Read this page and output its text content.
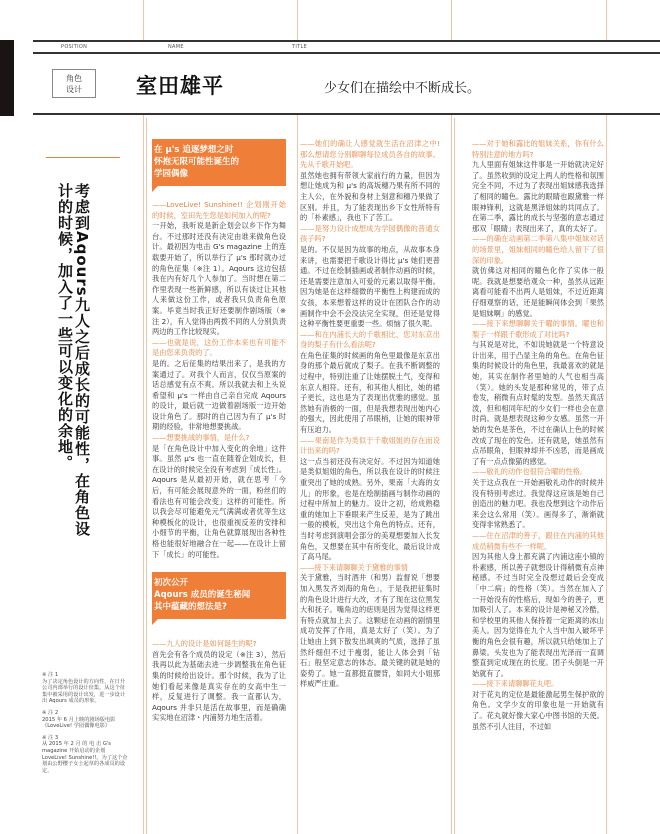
POSITION	NAME	TITLE
角色
设计	室田雄平	少女们在描绘中不断成长。
考虑到Aqours九人之后成长的可能性，在角色设计的时候，加入了一些可以变化的余地。
※ 注 1
为了决定角色设计的方向性，在日升公司内部举行的设计征集。从这个征集中被采用的设计出发，进一步设计出 Aqours 成员的形象。
※ 注 2
2015 年 6 月上映的剧场版电影《LoveLive! 学园偶像电影》
※ 注 3
从 2015 年 2 月 的 电 击 G's magazine 开始启动的企划 LoveLive! Sunshine!!。为了这个企划由公野樱子女士起草的各成员的设定。
在 μ's 追逐梦想之时
怀抱无限可能性诞生的
学园偶像

——LoveLive! Sunshine!! 企划刚开始的时候，室田先生您是如何加入的呢?

一开始，我听说是新企划会以乡下作为舞台。不过那时还没有决定由谁来做角色设计。最初因为电击 G's magazine 上的连载要开始了，所以举行了 μ's 那时就办过的角色征集（※注 1）。Aqours 这边包括我在内有好几个人参加了。当时想在第二作里表现一些新鲜感，所以有谈过让其他人来做这份工作，或者我只负责角色原案。毕竟当时我正好还要制作剧场版（※注 2），有人觉得由两拨不同的人分别负责两边的工作比较现实。

——也就是说，这份工作本来也有可能不是由您来负责的了。

是的。之后征集的结果出来了，是我的方案通过了。对我个人而言，仅仅当原案的话总感觉有点不爽。所以我就去和上头说希望和 μ's 一样由自己亲自完成 Aqours 的设计，最后就一边做着剧场版一边开始设计角色了。那时的自己因为有了 μ's 时期的经验，非常地想要挑战。

——想要挑战的事情，是什么?

是「在角色设计中加入变化的余地」这件事。虽然 μ's 也一直在随着企划成长，但在设计的时候完全没有考虑到「成长性」。Aqours 是从最初开始，就在思考「今后，有可能会展现意外的一面，粉丝们的看法也有可能会改变」这样的可能性。所以我会尽可能避免元气满满或者优等生这种模板化的设计，也很重视反差的安排和小细节的平衡，让角色就算展现出各种性格也能很好地融合在一起——在设计上留下「成长」的可能性。

初次公开
Aqours 成员的诞生秘闻
其中蕴藏的想法是?

——九人的设计是如何诞生的呢?

首先会有各个成员的设定（※注 3），然后我再以此为基础去进一步调整我在角色征集的时候给出设计。那个时候，我为了让她们看起来像是真实存在的女高中生一样，反复进行了调整。我一直都认为，Aqours 并非只是活在故事里，而是确确实实地在沼津・内浦努力地生活着。

——她们的确让人感觉就生活在沼津之中! 那么想请您分别聊聊每位成员各自的故事。先从千歌开始吧。

虽然她也拥有带领大家前行的力量，但因为想让她成为和 μ's 的高坂穗乃果有所不同的主人公，在外貌和身材上刻意和穗乃果做了区别。并且，为了能表现出乡下女性所特有的「朴素感」，我也下了苦工。

——是努力设计成想成为学园偶像的普通女孩子吗?

是的。不仅是因为故事的地点，从故事本身来讲，也需要把千歌设计得比 μ's 她们更普通。不过在绘制插画或者制作动画的时候，还是需要注意加入可爱的元素以取得平衡。因为她是在这样细微的平衡性上构建而成的女孩，本来想着这样的设计在团队合作的动画制作中会不会没法完全实现，但还是觉得这种平衡性要更重要一些。烦恼了很久呢。

——和在内浦长大的千歌相比，您对东京出身的梨子有什么看法呢?

在角色征集的时候画的角色里最像是东京出身的那个最后就成了梨子。在我不断调整的过程中，特别注重了让她摆脱土气，变得和东京人相符。还有，和其他人相比，她的裙子更长，这也是为了表现出优雅的感觉。虽然她有消极的一面，但是我想表现出她内心的强大，因此使用了吊眼梢，让她的眼神带有压迫力。

——果南是作为类似于千歌姐姐的存在而设计出来的吗?

这一点当初还没有决定好。不过因为知道她是类似姐姐的角色，所以我在设计的时候注重突出了她的成熟。另外，果南「大海的女儿」的形象，也是在绘制插画与制作动画的过程中所加上的魅力。设计之初，给成熟稳重的她加上下垂眼来产生反差，是为了跳出一般的模板，突出这个角色的特点。还有，当时考虑到演唱会部分的美观想要加入长发角色，又想要在其中有所变化，最后设计成了高马尾。

——接下来请聊聊关于黛雅的事情

关于黛雅，当时酒井（和男）监督说「想要加入黑发齐刘海的角色」，于是我把征集时的角色设计进行大改，才有了现在这位黑发大和抚子。嘴角边的痣则是因为觉得这样更有特点就加上去了。这颗痣在动画的剧情里成功发挥了作用，真是太好了（笑）。为了让她由上到下散发出飒爽的气质，选择了虽然纤细但不过于瘦弱，能让人体会到「钻石」般坚定意志的体态。最关键的就是她的姿势了。她一直都挺直腰背，如同大小姐那样威严庄重。

——对于她和露比的姐妹关系，你有什么特别注意的地方吗?

九人里面有姐妹这件事是一开始就决定好了。虽然收到的设定上两人的性格和氛围完全不同，不过为了表现出姐妹感我选择了相同的瞳色。露比的眼睛也跟黛雅一样眼神锋利，这就是黑泽姐妹的共同点了。在第二季，露比的成长与坚强的意志通过那双「眼睛」表现出来了，真的太好了。

——的确在动画第二季第八集中姐妹对话的场景里，姐妹相同的瞳色给人留下了很深的印象。

就仿佛这对相同的瞳色化作了实体一般呢。我就是想要给观众一种，虽然从远距离看可能看不出两人是姐妹，不过近距离仔细观察的话，还是能瞬间体会到「果然是姐妹啊」的感觉。

——接下来想聊聊关于曜的事情。曜也和梨子一样跟千歌形成了对比吗?

与其说是对比，不如说她就是一个特意设计出来，用于凸显主角的角色。在角色征集的时候设计的角色里，我最喜欢的就是她，其实在制作者里她的人气也相当高（笑）。她的头发是那种常见的，带了点卷发，稍微有点时髦的发型。虽然天真活泼，但和相同年纪的少女们一样也会在意时尚。就是想表现这种少女感。虽然一开始的发色是茶色，不过在确认上色的时候改成了现在的发色。还有就是，她虽然有点吊眼角，但眼神却并不凶恶，而是画成了有一点点像猫的感觉。

——敬礼的动作也很符合曜的性格。

关于这点我在一开始画敬礼动作的时候并没有特别考虑过。我觉得这应该是她自己创造出的魅力吧。我也没想到这个动作后来会这么常用（笑）。画得多了，渐渐就变得非常熟悉了。

——住在沼津的善子，跟住在内浦的其他成员稍微有些不一样呢。

因为其他人身上都充满了内浦这座小镇的朴素感，所以善子就想设计得稍微有点神秘感。不过当时完全没想过最后会变成「中二病」的性格（笑）。当然在加入了一开始没有的性格后，现如今的善子，更加吸引人了。本来的设计是神秘又冷酷，和学校里的其他人保持着一定距离的冰山美人。因为觉得在九个人当中加入破坏平衡的角色会很有趣，所以就只给她加上了鼻梁。头发也为了能表现出光泽而一直调整直到定成现在的长度。团子头倒是一开始就有了。

——接下来请聊聊花丸吧。

对于花丸的定位是最能激起男生保护欲的角色。文学少女的印象也是一开始就有了。花丸就好像大家心中图书馆的天使。虽然不引人注目，不过如
